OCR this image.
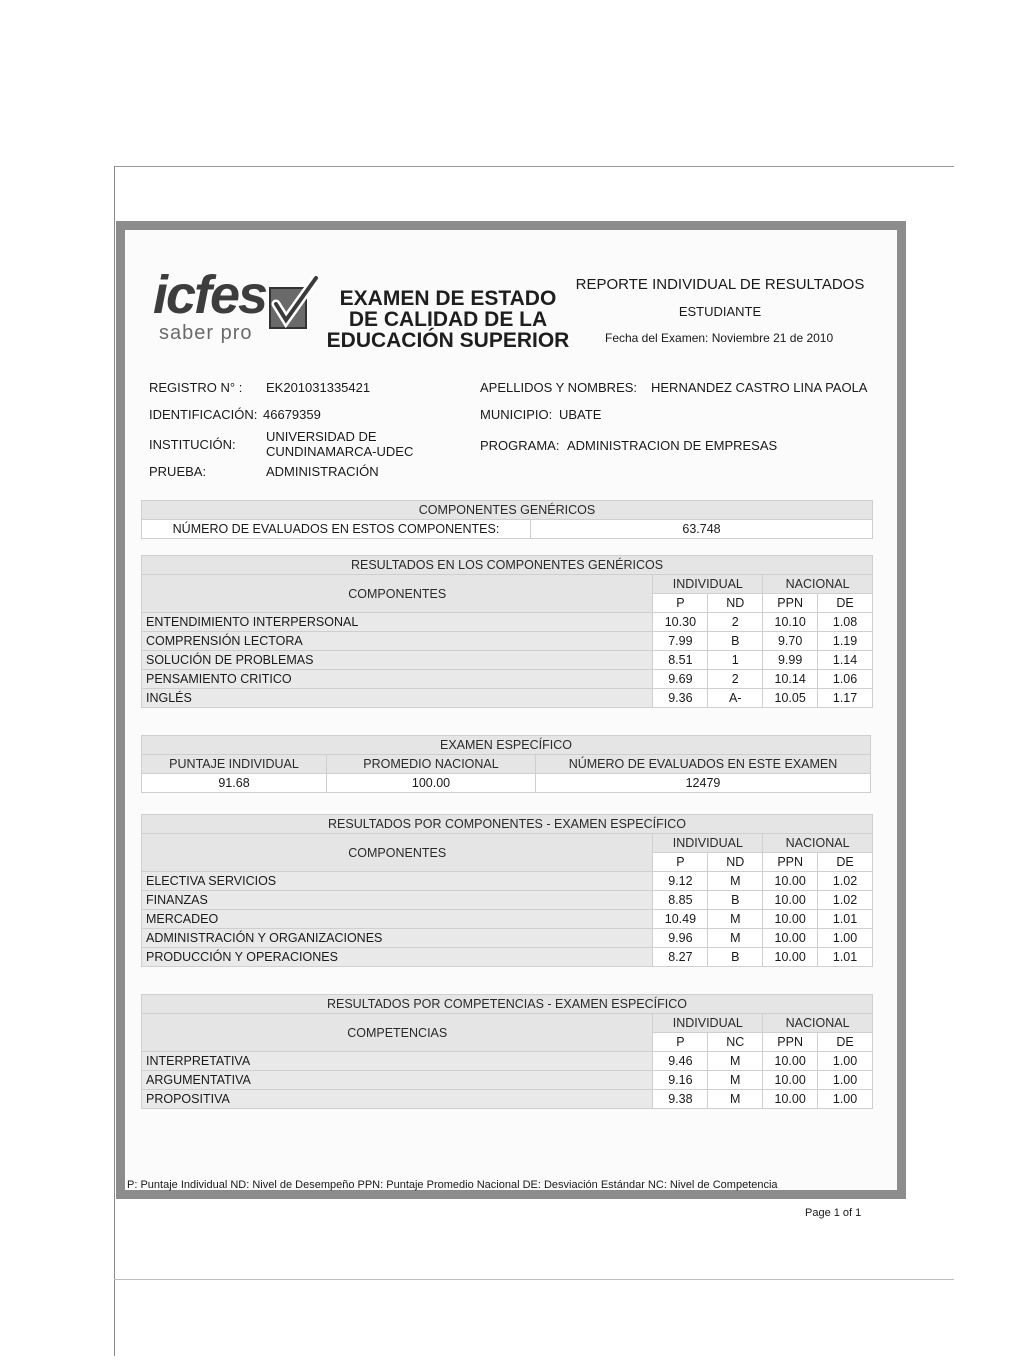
icfes
saber pro
EXAMEN DE ESTADO
DE CALIDAD DE LA
EDUCACIÓN SUPERIOR
REPORTE INDIVIDUAL DE RESULTADOS
ESTUDIANTE
Fecha del Examen: Noviembre 21 de 2010
REGISTRO N° : EK201031335421
IDENTIFICACIÓN: 46679359
INSTITUCIÓN:
UNIVERSIDAD DE
CUNDINAMARCA-UDEC
PRUEBA:	ADMINISTRACIÓN
APELLIDOS Y NOMBRES: HERNANDEZ CASTRO LINA PAOLA
MUNICIPIO: UBATE
PROGRAMA: ADMINISTRACION DE EMPRESAS
COMPONENTES GENÉRICOS
NÚMERO DE EVALUADOS EN ESTOS COMPONENTES:	63.748
RESULTADOS EN LOS COMPONENTES GENÉRICOS				
COMPONENTES	INDIVIDUAL		NACIONAL	
	P	ND	PPN	DE
ENTENDIMIENTO INTERPERSONAL	10.30	2	10.10	1.08
COMPRENSIÓN LECTORA	7.99	B	9.70	1.19
SOLUCIÓN DE PROBLEMAS	8.51	1	9.99	1.14
PENSAMIENTO CRITICO	9.69	2	10.14	1.06
INGLÉS	9.36	A-	10.05	1.17
EXAMEN ESPECÍFICO		
PUNTAJE INDIVIDUAL	PROMEDIO NACIONAL	NÚMERO DE EVALUADOS EN ESTE EXAMEN
91.68	100.00	12479
RESULTADOS POR COMPONENTES - EXAMEN ESPECÍFICO				
COMPONENTES	INDIVIDUAL		NACIONAL	
	P	ND	PPN	DE
ELECTIVA SERVICIOS	9.12	M	10.00	1.02
FINANZAS	8.85	B	10.00	1.02
MERCADEO	10.49	M	10.00	1.01
ADMINISTRACIÓN Y ORGANIZACIONES	9.96	M	10.00	1.00
PRODUCCIÓN Y OPERACIONES	8.27	B	10.00	1.01
RESULTADOS POR COMPETENCIAS - EXAMEN ESPECÍFICO				
COMPETENCIAS	INDIVIDUAL		NACIONAL	
	P	NC	PPN	DE
INTERPRETATIVA	9.46	M	10.00	1.00
ARGUMENTATIVA	9.16	M	10.00	1.00
PROPOSITIVA	9.38	M	10.00	1.00
P: Puntaje Individual ND: Nivel de Desempeño PPN: Puntaje Promedio Nacional DE: Desviación Estándar NC: Nivel de Competencia
Page 1 of 1
